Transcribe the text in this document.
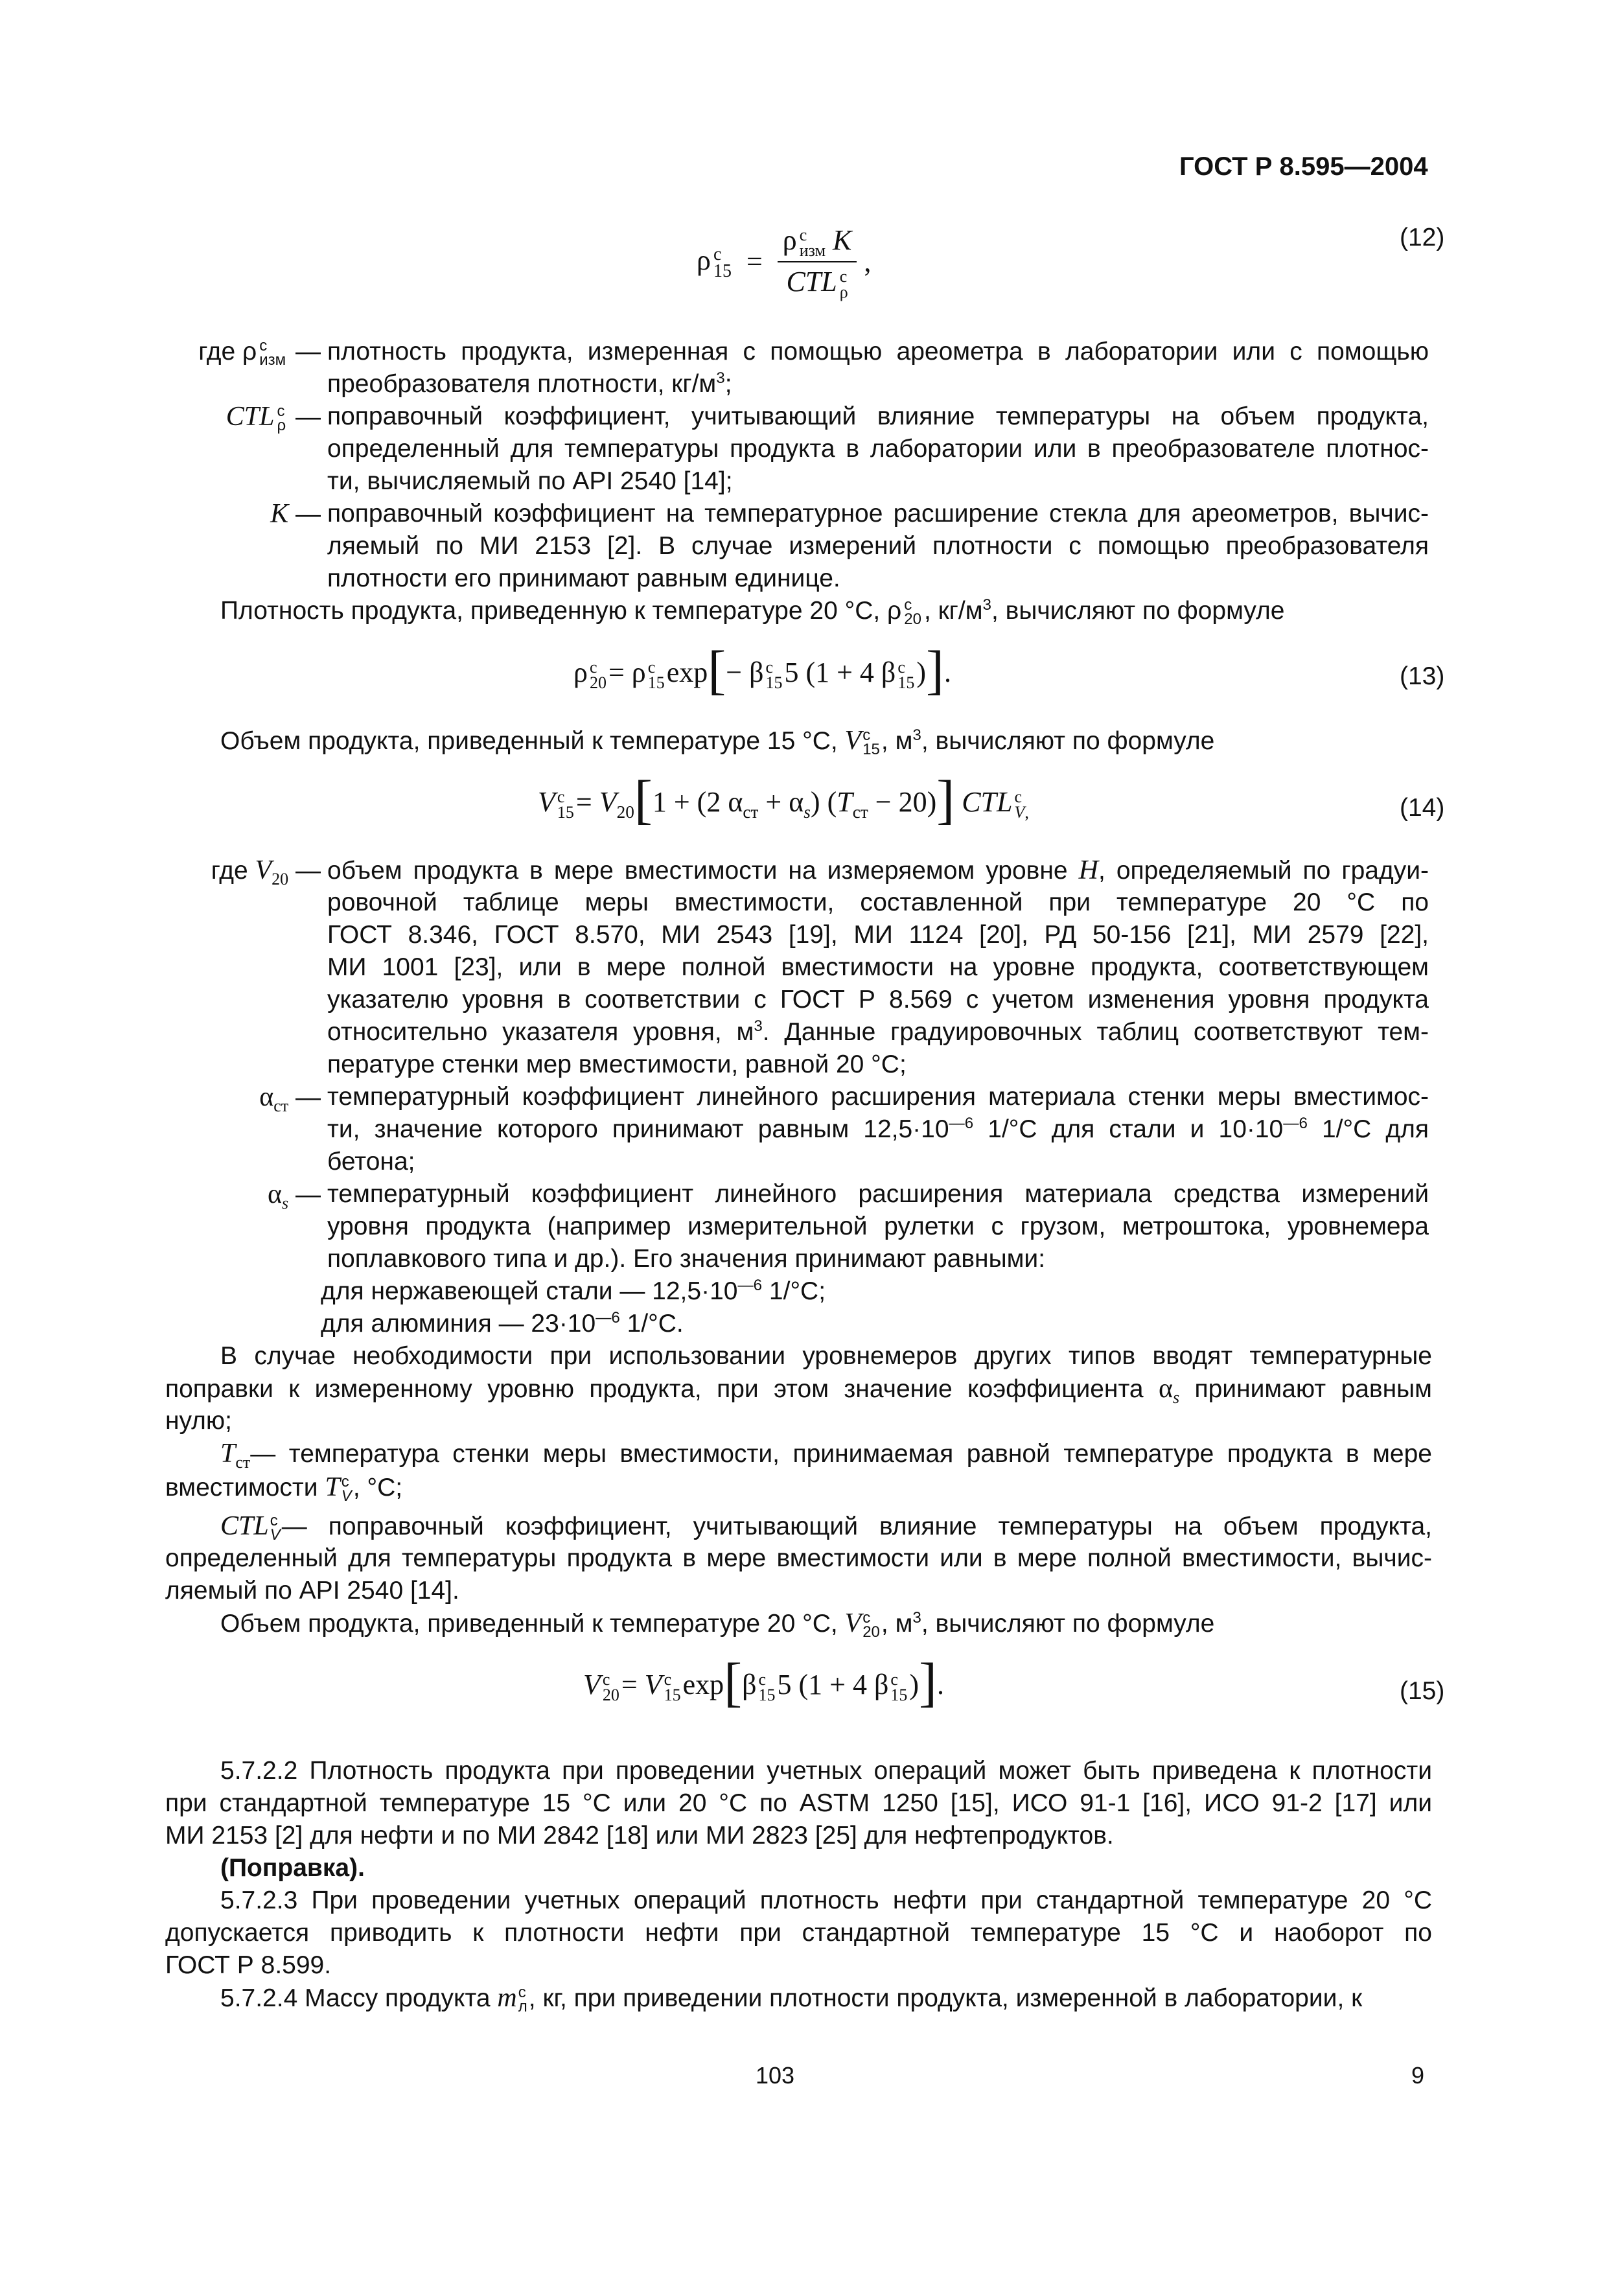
ГОСТ Р 8.595—2004
ρ с
15 = ρ с
изм K
CTL с
ρ ,
(12)
где ρ с
изм — плотность продукта, измеренная с помощью ареометра в лаборатории или с помощью
преобразователя плотности, $кг/м^3$;
CTL с
ρ — поправочный коэффициент, учитывающий влияние температуры на объем продукта,
определенный для температуры продукта в лаборатории или в преобразователе плотнос-
ти, вычисляемый по API 2540 [14];
K — поправочный коэффициент на температурное расширение стекла для ареометров, вычис-
ляемый по МИ 2153 [2]. В случае измерений плотности с помощью преобразователя
плотности его принимают равным единице.
Плотность продукта, приведенную к температуре 20 °С, ρ с
20 , $кг/м^3$, вычисляют по формуле
ρ с
20 = ρ с
15 exp[− β с
15 5 (1 + 4 β с
15 )].	(13)
Объем продукта, приведенный к температуре 15 °С, V с
15 , $м^3$, вычисляют по формуле
V с
$15 = V_{20}[1 + (2$ $\alpha_{ст} + \alpha_s$) $(T_{ст} - 20)$] CTL с
V,	(14)
где $V_{20}$ — объем продукта в мере вместимости на измеряемом уровне H, определяемый по градуи-
ровочной таблице меры вместимости, составленной при температуре 20 °С по
ГОСТ 8.346, ГОСТ 8.570, МИ 2543 [19], МИ 1124 [20], РД 50-156 [21], МИ 2579 [22],
МИ 1001 [23], или в мере полной вместимости на уровне продукта, соответствующем
указателю уровня в соответствии с ГОСТ Р 8.569 с учетом изменения уровня продукта
относительно указателя уровня, $м^3$. Данные градуировочных таблиц соответствуют тем-
пературе стенки мер вместимости, равной 20 °С;
$\alpha_{ст}$ — температурный коэффициент линейного расширения материала стенки меры вместимос-
ти, значение которого принимают равным $12,5\cdot 10^{—6}$ 1/°С для стали и $10\cdot 10^{—6}$ 1/°С для
бетона;
$\alpha_s$ — температурный коэффициент линейного расширения материала средства измерений
уровня продукта (например измерительной рулетки с грузом, метроштока, уровнемера
поплавкового типа и др.). Его значения принимают равными:
для нержавеющей стали — $12,5\cdot 10^{—6}$ 1/°С;
для алюминия — $23\cdot 10^{—6}$ 1/°С.
В случае необходимости при использовании уровнемеров других типов вводят температурные
поправки к измеренному уровню продукта, при этом значение коэффициента $\alpha_s$ принимают равным
нулю;
$T_{ст}—$ температура стенки меры вместимости, принимаемая равной температуре продукта в мере
вместимости T с
V , °С;
CTL с
V — поправочный коэффициент, учитывающий влияние температуры на объем продукта,
определенный для температуры продукта в мере вместимости или в мере полной вместимости, вычис-
ляемый по API 2540 [14].
Объем продукта, приведенный к температуре 20 °С, V с
20 , $м^3$, вычисляют по формуле
V с
20 = V с
15 exp[β с
15 5 (1 + 4 β с
15 )].	(15)
5.7.2.2 Плотность продукта при проведении учетных операций может быть приведена к плотности
при стандартной температуре 15 °С или 20 °С по ASTM 1250 [15], ИСО 91-1 [16], ИСО 91-2 [17] или
МИ 2153 [2] для нефти и по МИ 2842 [18] или МИ 2823 [25] для нефтепродуктов.
(Поправка).
5.7.2.3 При проведении учетных операций плотность нефти при стандартной температуре 20 °С
допускается приводить к плотности нефти при стандартной температуре 15 °С и наоборот по
ГОСТ Р 8.599.
5.7.2.4 Массу продукта m с
л , кг, при приведении плотности продукта, измеренной в лаборатории, к
103	9
